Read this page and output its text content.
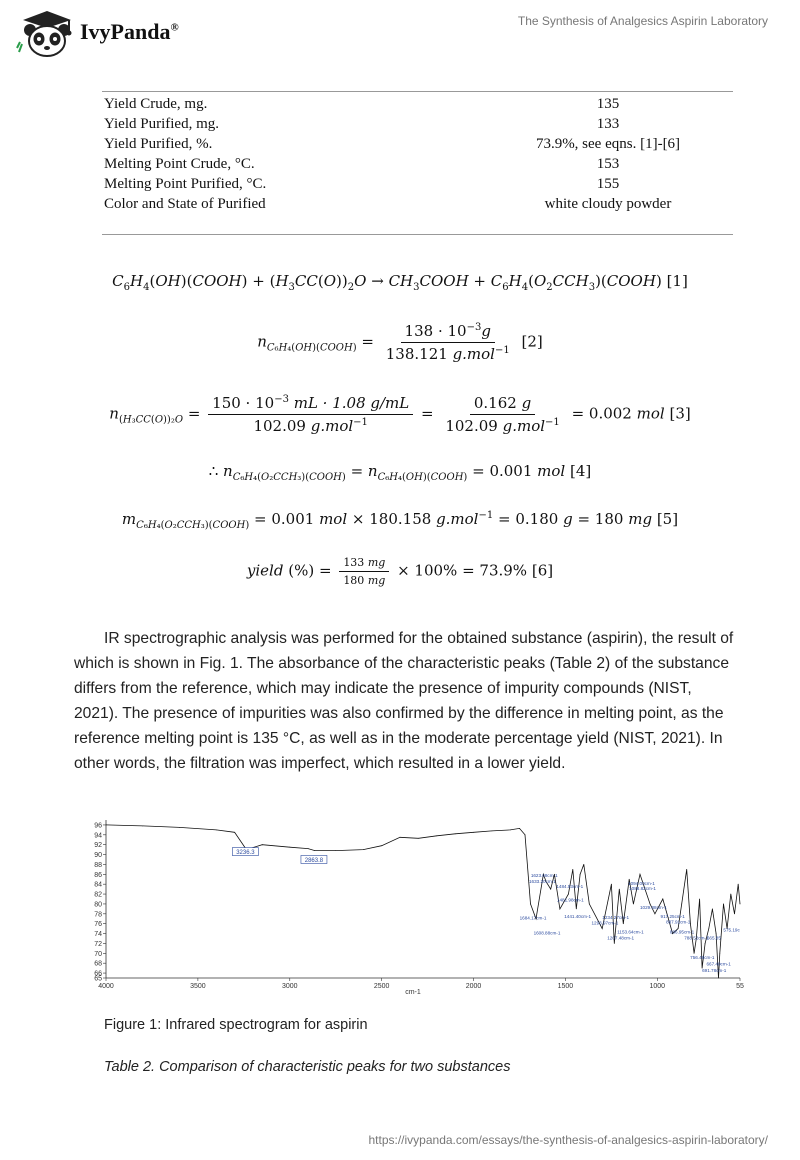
IvyPanda®	The Synthesis of Analgesics Aspirin Laboratory
Yield Crude, mg.	135
Yield Purified, mg.	133
Yield Purified, %.	73.9%, see eqns. [1]-[6]
Melting Point Crude, °C.	153
Melting Point Purified, °C.	155
Color and State of Purified	white cloudy powder
$C_6H_4(OH)(COOH) + (H_3CC(O))_2O$ → $CH_3COOH$ + $C_6H_4(O_2CCH_3)(COOH)$ [1]
$n_{C_6H_4(OH)(COOH)} = \frac{138 \cdot 10^{-3}g}{138.121 g.mol^{-1}} [2]$
$n_{(H_3CC(O))_2O} = \frac{150 \cdot 10^{-3} mL \cdot 1.08 g/mL}{102.09 g.mol^{-1}} = \frac{0.162 g}{102.09 g.mol^{-1}} = 0.002$ mol [3]
∴ $n_{C_6H_4(O_2CCH_3)(COOH)} = n_{C_6H_4(OH)(COOH)} = 0.001$ mol [4]
$m_{C_6H_4(O_2CCH_3)(COOH)} = 0.001$ mol × 180.158 g.mol$^{-1}$ = 0.180 g = 180 mg [5]
yield (%) = $\frac{133 mg}{180 mg} \times 100\% = 73.9\%$ [6]

IR spectrographic analysis was performed for the obtained substance (aspirin), the result of which is shown in Fig. 1. The absorbance of the characteristic peaks (Table 2) of the substance differs from the reference, which may indicate the presence of impurity compounds (NIST, 2021). The presence of impurities was also confirmed by the difference in melting point, as the reference melting point is 135 °C, as well as in the moderate percentage yield (NIST, 2021). In other words, the filtration was imperfect, which resulted in a lower yield.

96
94
92
90
88
86
84
82
80
78
76
74
72
70
68
66
65
4000	3500	3000	2500	2000	1500	1000	55
cm-1
3236.3
2863.8
1623.68cm-1
1633.20cm-1
1484.53cm-1
1481.98cm-1
1441.40cm-1
1684.17cm-1	1234.27cm-1
1293.97cm-1
1608.88cm-1	1153.64cm-1
1207.48cm-1
1094.00cm-1
1088.82cm-1
1029.88cm-1
917.25cm-1
887.91cm-1
866.95cm-1
788.52cm-1
756.48cm-1
667.40cm-1
691.78cm-1
575.19c
665.85
Figure 1: Infrared spectrogram for aspirin
Table 2. Comparison of characteristic peaks for two substances
https://ivypanda.com/essays/the-synthesis-of-analgesics-aspirin-laboratory/
